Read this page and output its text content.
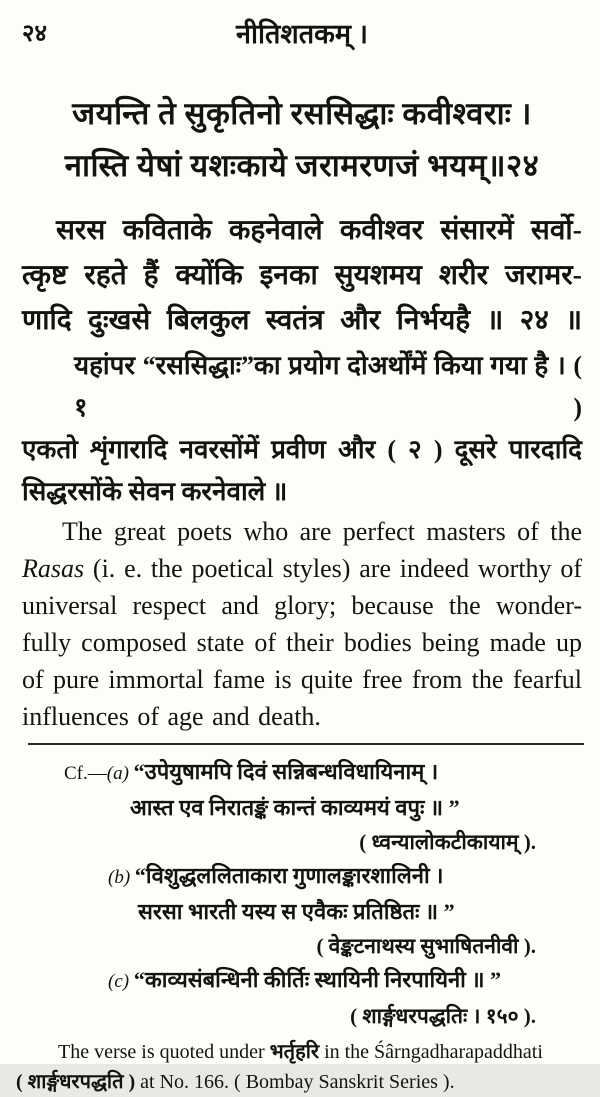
२४	नीतिशतकम् ।
जयन्ति ते सुकृतिनो रससिद्धाः कवीश्वराः ।
नास्ति येषां यशःकाये जरामरणजं भयम्॥२४
सरस कविताके कहनेवाले कवीश्वर संसारमें सर्वो-
त्कृष्ट रहते हैं क्योंकि इनका सुयशमय शरीर जरामर-
णादि दुःखसे बिलकुल स्वतंत्र और निर्भयहै ॥ २४ ॥
यहांपर “रससिद्धाः”का प्रयोग दोअर्थोंमें किया गया है । ( १ )
एकतो शृंगारादि नवरसोंमें प्रवीण और ( २ ) दूसरे पारदादि
सिद्धरसोंके सेवन करनेवाले ॥
The great poets who are perfect masters of the
Rasas (i. e. the poetical styles) are indeed worthy of
universal respect and glory; because the wonder-
fully composed state of their bodies being made up
of pure immortal fame is quite free from the fearful
influences of age and death.
Cf.—(a) “उपेयुषामपि दिवं सन्निबन्धविधायिनाम् ।
आस्त एव निरातङ्कं कान्तं काव्यमयं वपुः ॥ ”
( ध्वन्यालोकटीकायाम् ).
(b) “विशुद्धललिताकारा गुणालङ्कारशालिनी ।
सरसा भारती यस्य स एवैकः प्रतिष्ठितः ॥ ”
( वेङ्कटनाथस्य सुभाषितनीवी ).
(c) “काव्यसंबन्धिनी कीर्तिः स्थायिनी निरपायिनी ॥ ”
( शार्ङ्गधरपद्धतिः । १५० ).
The verse is quoted under भर्तृहरि in the Śârngadharapaddhati
( शार्ङ्गधरपद्धति ) at No. 166. ( Bombay Sanskrit Series ).
